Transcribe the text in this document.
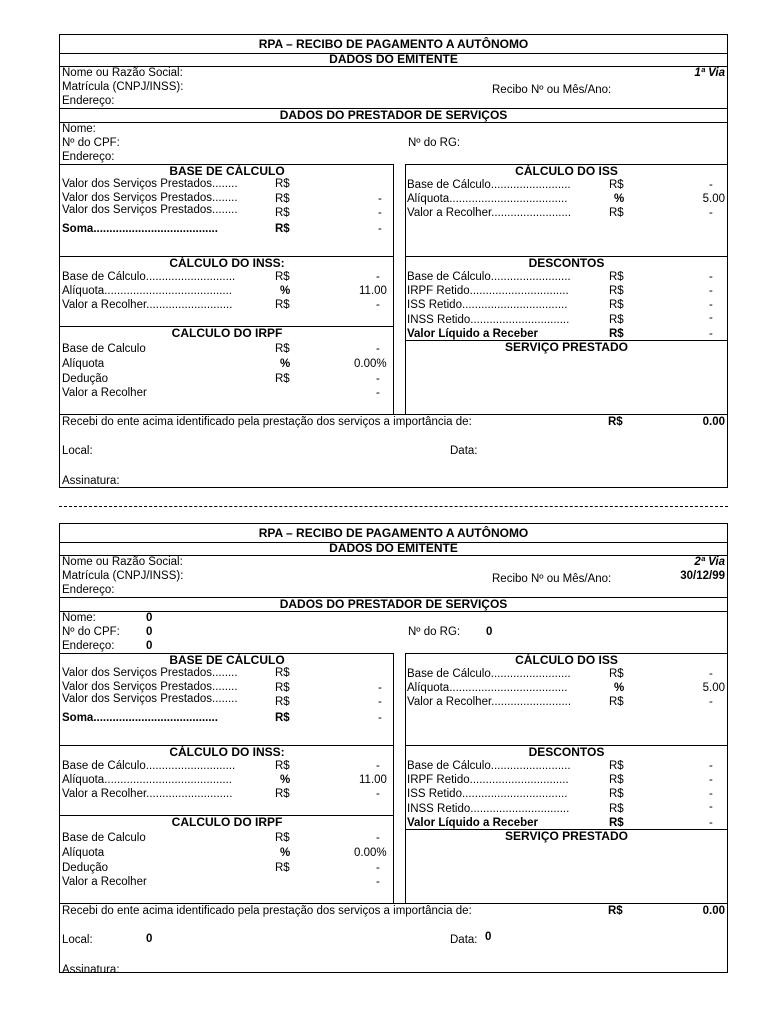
RPA – RECIBO DE PAGAMENTO A AUTÔNOMO
DADOS DO EMITENTE
Nome ou Razão Social:	1ª Via
Matrícula (CNPJ/INSS):	Recibo Nº ou Mês/Ano:
Endereço:
DADOS DO PRESTADOR DE SERVIÇOS
Nome:
Nº do CPF:	Nº do RG:
Endereço:
BASE DE CÁLCULO
Valor dos Serviços Prestados........	R$
Valor dos Serviços Prestados........	R$	-
Valor dos Serviços Prestados........	R$	-
Soma.......................................	R$	-
CÁLCULO DO ISS
Base de Cálculo.........................	R$	-
Alíquota.....................................	%	5.00
Valor a Recolher.........................	R$	-
CÁLCULO DO INSS:
Base de Cálculo............................	R$	-
Alíquota........................................	%	11.00
Valor a Recolher...........................	R$	-
DESCONTOS
Base de Cálculo.........................	R$	-
IRPF Retido...............................	R$	-
ISS Retido.................................	R$	-
INSS Retido...............................	R$	-
Valor Líquido a Receber	R$	-
CALCULO DO IRPF
Base de Calculo	R$	-
Alíquota	%	0.00%
Dedução	R$	-
Valor a Recolher	-
SERVIÇO PRESTADO
Recebi do ente acima identificado pela prestação dos serviços a importância de:	R$	0.00
Local:	Data:
Assinatura:
RPA – RECIBO DE PAGAMENTO A AUTÔNOMO
DADOS DO EMITENTE
Nome ou Razão Social:	2ª Via
Matrícula (CNPJ/INSS):	Recibo Nº ou Mês/Ano:	30/12/99
Endereço:
DADOS DO PRESTADOR DE SERVIÇOS
Nome:	0
Nº do CPF: 0	Nº do RG: 0
Endereço:	0
BASE DE CÁLCULO
Valor dos Serviços Prestados........	R$
Valor dos Serviços Prestados........	R$	-
Valor dos Serviços Prestados........	R$	-
Soma.......................................	R$	-
CÁLCULO DO ISS
Base de Cálculo.........................	R$	-
Alíquota.....................................	%	5.00
Valor a Recolher.........................	R$	-
CÁLCULO DO INSS:
Base de Cálculo............................	R$	-
Alíquota........................................	%	11.00
Valor a Recolher...........................	R$	-
DESCONTOS
Base de Cálculo.........................	R$	-
IRPF Retido...............................	R$	-
ISS Retido.................................	R$	-
INSS Retido...............................	R$	-
Valor Líquido a Receber	R$	-
CALCULO DO IRPF
Base de Calculo	R$	-
Alíquota	%	0.00%
Dedução	R$	-
Valor a Recolher	-
SERVIÇO PRESTADO
Recebi do ente acima identificado pela prestação dos serviços a importância de:	R$	0.00
Local:	0	Data: 0
Assinatura:
